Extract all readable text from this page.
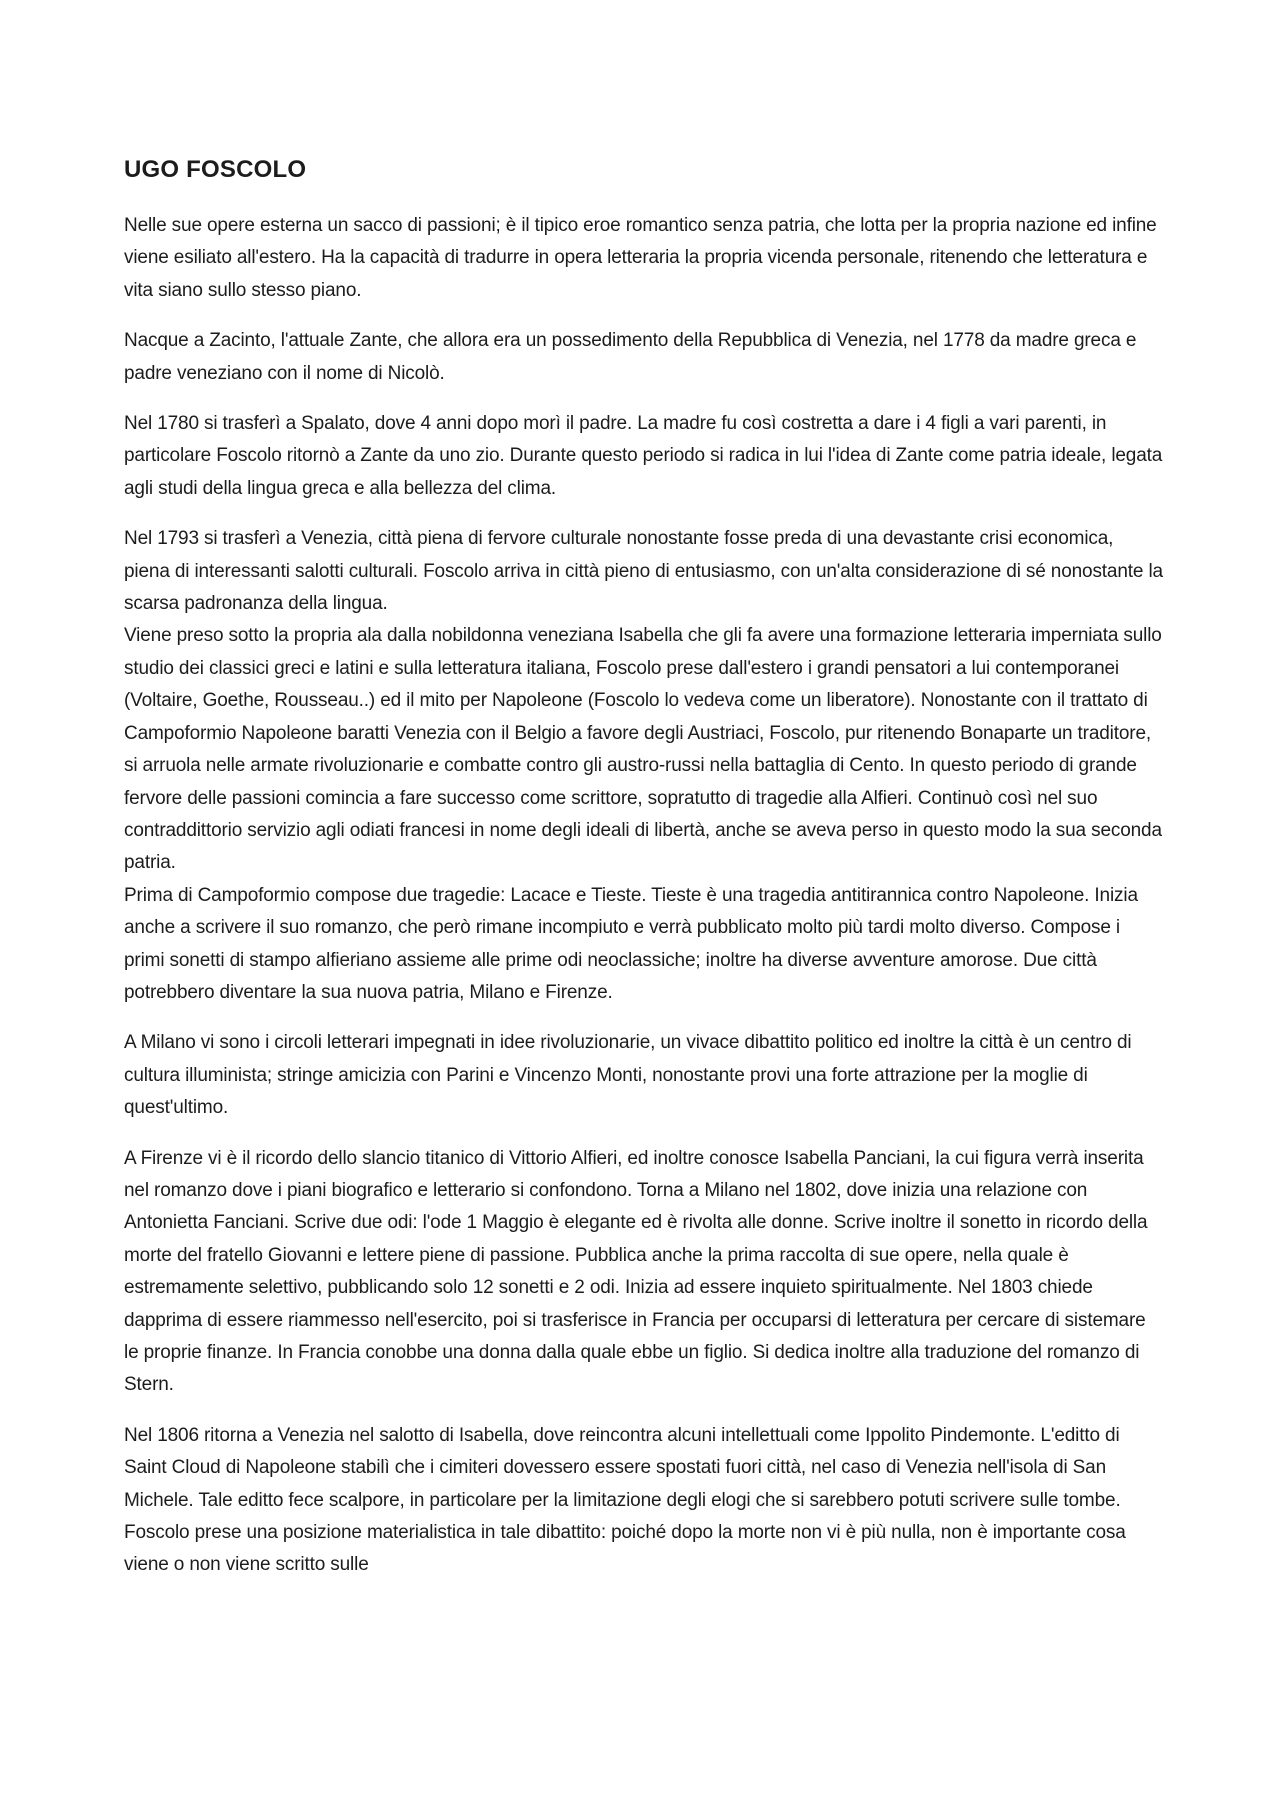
UGO FOSCOLO

Nelle sue opere esterna un sacco di passioni; è il tipico eroe romantico senza patria, che lotta per la propria nazione ed infine viene esiliato all'estero. Ha la capacità di tradurre in opera letteraria la propria vicenda personale, ritenendo che letteratura e vita siano sullo stesso piano.

Nacque a Zacinto, l'attuale Zante, che allora era un possedimento della Repubblica di Venezia, nel 1778 da madre greca e padre veneziano con il nome di Nicolò.

Nel 1780 si trasferì a Spalato, dove 4 anni dopo morì il padre. La madre fu così costretta a dare i 4 figli a vari parenti, in particolare Foscolo ritornò a Zante da uno zio. Durante questo periodo si radica in lui l'idea di Zante come patria ideale, legata agli studi della lingua greca e alla bellezza del clima.

Nel 1793 si trasferì a Venezia, città piena di fervore culturale nonostante fosse preda di una devastante crisi economica, piena di interessanti salotti culturali. Foscolo arriva in città pieno di entusiasmo, con un'alta considerazione di sé nonostante la scarsa padronanza della lingua.

Viene preso sotto la propria ala dalla nobildonna veneziana Isabella che gli fa avere una formazione letteraria imperniata sullo studio dei classici greci e latini e sulla letteratura italiana, Foscolo prese dall'estero i grandi pensatori a lui contemporanei (Voltaire, Goethe, Rousseau..) ed il mito per Napoleone (Foscolo lo vedeva come un liberatore). Nonostante con il trattato di Campoformio Napoleone baratti Venezia con il Belgio a favore degli Austriaci, Foscolo, pur ritenendo Bonaparte un traditore, si arruola nelle armate rivoluzionarie e combatte contro gli austro-russi nella battaglia di Cento. In questo periodo di grande fervore delle passioni comincia a fare successo come scrittore, sopratutto di tragedie alla Alfieri. Continuò così nel suo contraddittorio servizio agli odiati francesi in nome degli ideali di libertà, anche se aveva perso in questo modo la sua seconda patria.

Prima di Campoformio compose due tragedie: Lacace e Tieste. Tieste è una tragedia antitirannica contro Napoleone. Inizia anche a scrivere il suo romanzo, che però rimane incompiuto e verrà pubblicato molto più tardi molto diverso. Compose i primi sonetti di stampo alfieriano assieme alle prime odi neoclassiche; inoltre ha diverse avventure amorose. Due città potrebbero diventare la sua nuova patria, Milano e Firenze.

A Milano vi sono i circoli letterari impegnati in idee rivoluzionarie, un vivace dibattito politico ed inoltre la città è un centro di cultura illuminista; stringe amicizia con Parini e Vincenzo Monti, nonostante provi una forte attrazione per la moglie di quest'ultimo.

A Firenze vi è il ricordo dello slancio titanico di Vittorio Alfieri, ed inoltre conosce Isabella Panciani, la cui figura verrà inserita nel romanzo dove i piani biografico e letterario si confondono. Torna a Milano nel 1802, dove inizia una relazione con Antonietta Fanciani. Scrive due odi: l'ode 1 Maggio è elegante ed è rivolta alle donne. Scrive inoltre il sonetto in ricordo della morte del fratello Giovanni e lettere piene di passione. Pubblica anche la prima raccolta di sue opere, nella quale è estremamente selettivo, pubblicando solo 12 sonetti e 2 odi. Inizia ad essere inquieto spiritualmente. Nel 1803 chiede dapprima di essere riammesso nell'esercito, poi si trasferisce in Francia per occuparsi di letteratura per cercare di sistemare le proprie finanze. In Francia conobbe una donna dalla quale ebbe un figlio. Si dedica inoltre alla traduzione del romanzo di Stern.

Nel 1806 ritorna a Venezia nel salotto di Isabella, dove reincontra alcuni intellettuali come Ippolito Pindemonte. L'editto di Saint Cloud di Napoleone stabilì che i cimiteri dovessero essere spostati fuori città, nel caso di Venezia nell'isola di San Michele. Tale editto fece scalpore, in particolare per la limitazione degli elogi che si sarebbero potuti scrivere sulle tombe. Foscolo prese una posizione materialistica in tale dibattito: poiché dopo la morte non vi è più nulla, non è importante cosa viene o non viene scritto sulle
